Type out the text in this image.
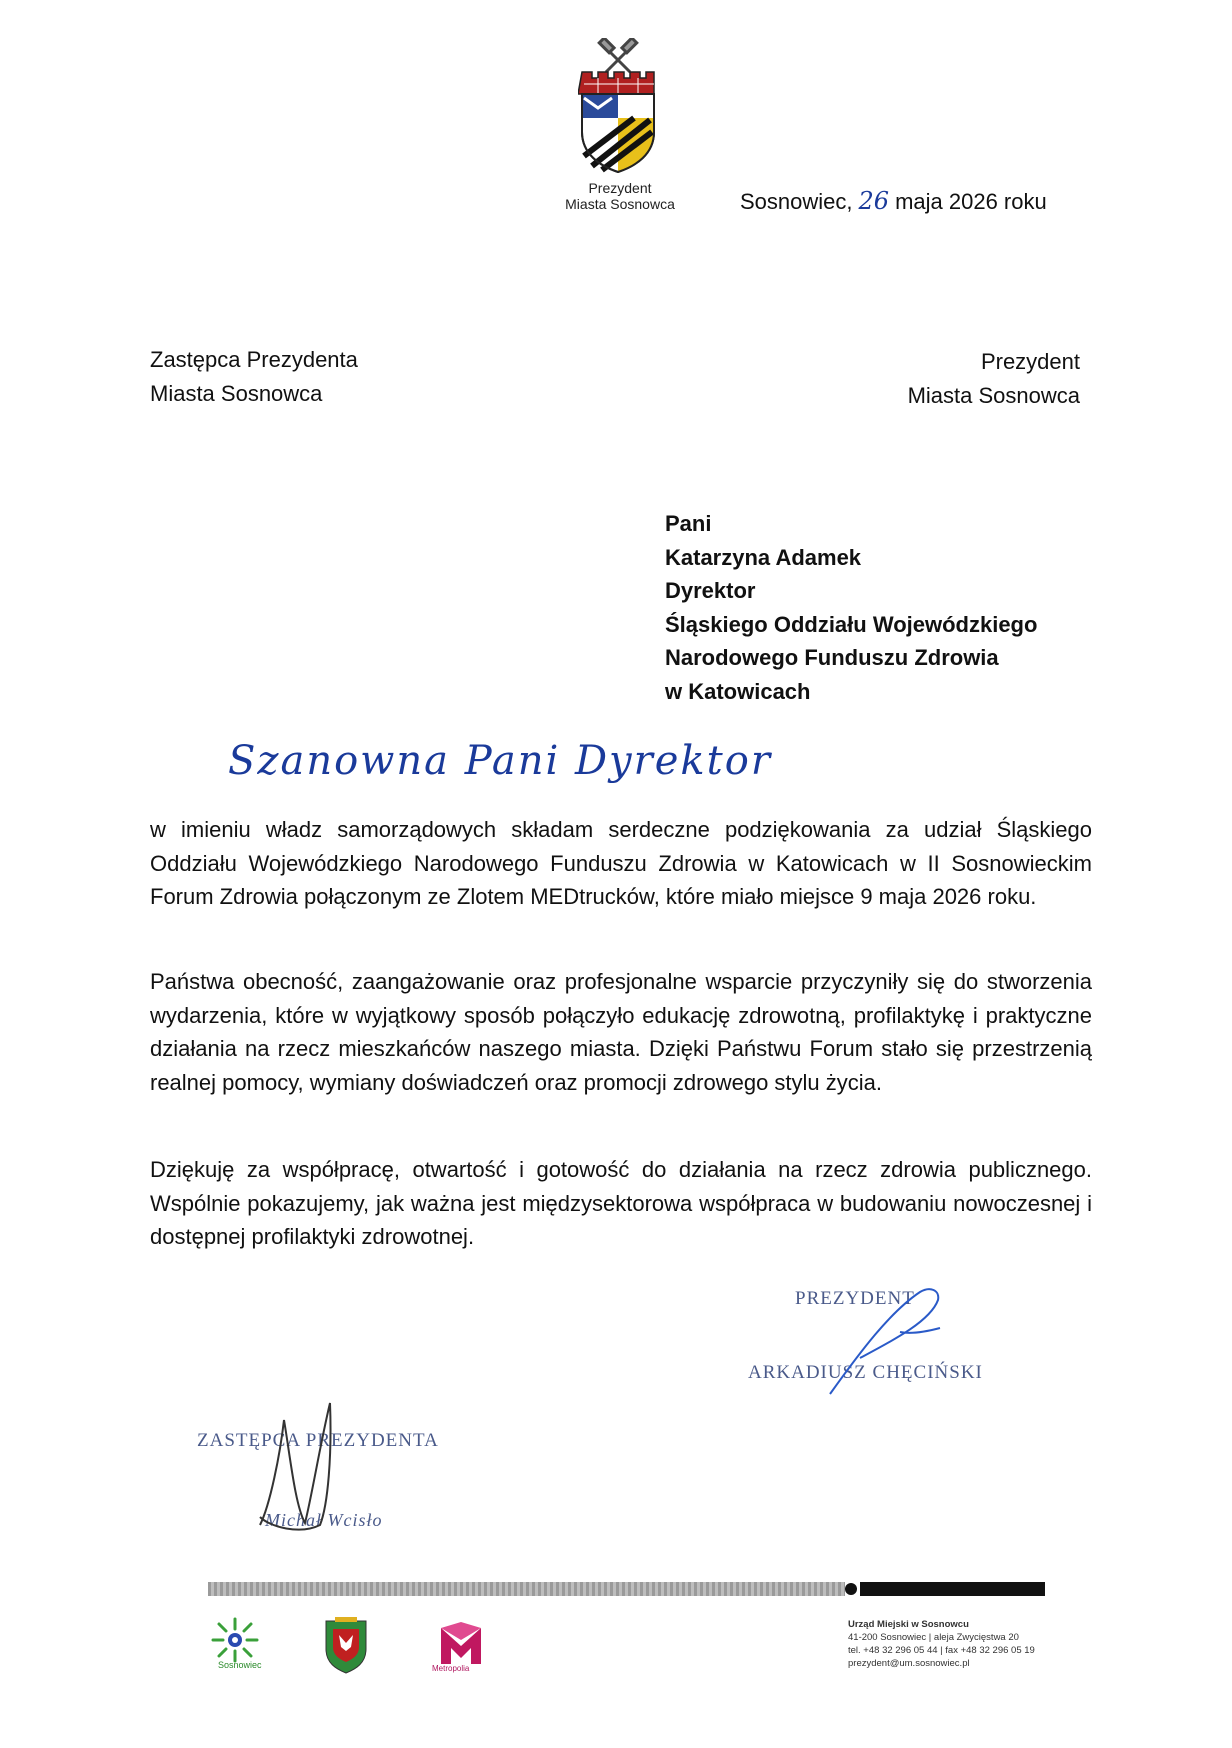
Prezydent
Miasta Sosnowca	Sosnowiec, 26 maja 2026 roku
Zastępca Prezydenta
Miasta Sosnowca
Prezydent
Miasta Sosnowca
Pani
Katarzyna Adamek
Dyrektor
Śląskiego Oddziału Wojewódzkiego
Narodowego Funduszu Zdrowia
w Katowicach
Szanowna Pani Dyrektor
w imieniu władz samorządowych składam serdeczne podziękowania za udział Śląskiego Oddziału Wojewódzkiego Narodowego Funduszu Zdrowia w Katowicach w II Sosnowieckim Forum Zdrowia połączonym ze Zlotem MEDtrucków, które miało miejsce 9 maja 2026 roku.
Państwa obecność, zaangażowanie oraz profesjonalne wsparcie przyczyniły się do stworzenia wydarzenia, które w wyjątkowy sposób połączyło edukację zdrowotną, profilaktykę i praktyczne działania na rzecz mieszkańców naszego miasta. Dzięki Państwu Forum stało się przestrzenią realnej pomocy, wymiany doświadczeń oraz promocji zdrowego stylu życia.
Dziękuję za współpracę, otwartość i gotowość do działania na rzecz zdrowia publicznego. Wspólnie pokazujemy, jak ważna jest międzysektorowa współpraca w budowaniu nowoczesnej i dostępnej profilaktyki zdrowotnej.
PREZYDENT
ARKADIUSZ CHĘCIŃSKI
ZASTĘPCA PREZYDENTA
Michał Wcisło
Sosnowiec	Metropolia
Urząd Miejski w Sosnowcu
41-200 Sosnowiec | aleja Zwycięstwa 20
tel. +48 32 296 05 44 | fax +48 32 296 05 19
prezydent@um.sosnowiec.pl
